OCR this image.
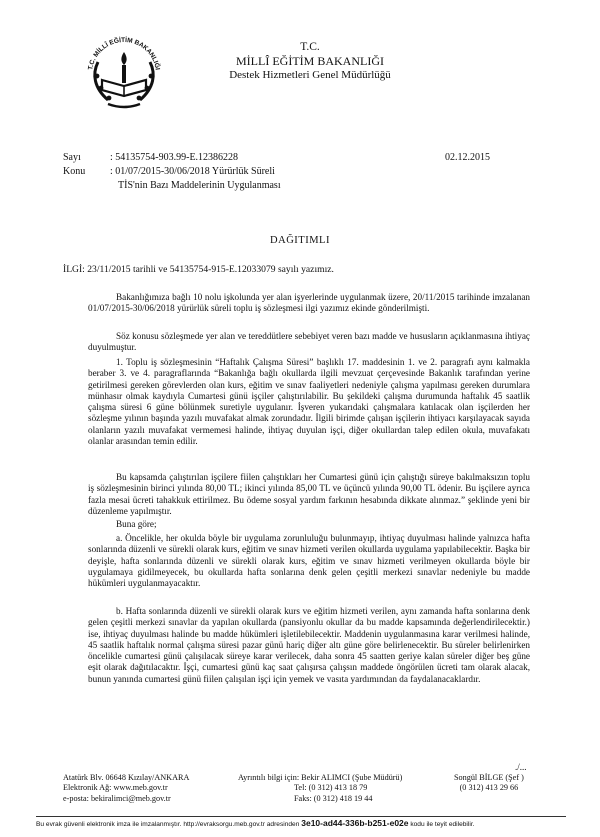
T.C. MİLLÎ EĞİTİM BAKANLIĞI
T.C.
MİLLÎ EĞİTİM BAKANLIĞI
Destek Hizmetleri Genel Müdürlüğü
Sayı	: 54135754-903.99-E.12386228	02.12.2015
Konu : 01/07/2015-30/06/2018 Yürürlük Süreli
TİS'nin Bazı Maddelerinin Uygulanması
DAĞITIMLI
İLGİ: 23/11/2015 tarihli ve 54135754-915-E.12033079 sayılı yazımız.

Bakanlığımıza bağlı 10 nolu işkolunda yer alan işyerlerinde uygulanmak üzere, 20/11/2015 tarihinde imzalanan 01/07/2015-30/06/2018 yürürlük süreli toplu iş sözleşmesi ilgi yazımız ekinde gönderilmişti.

Söz konusu sözleşmede yer alan ve tereddütlere sebebiyet veren bazı madde ve hususların açıklanmasına ihtiyaç duyulmuştur.

1. Toplu iş sözleşmesinin “Haftalık Çalışma Süresi” başlıklı 17. maddesinin 1. ve 2. paragrafı aynı kalmakla beraber 3. ve 4. paragraflarında “Bakanlığa bağlı okullarda ilgili mevzuat çerçevesinde Bakanlık tarafından yerine getirilmesi gereken görevlerden olan kurs, eğitim ve sınav faaliyetleri nedeniyle çalışma yapılması gereken durumlara münhasır olmak kaydıyla Cumartesi günü işçiler çalıştırılabilir. Bu şekildeki çalışma durumunda haftalık 45 saatlik çalışma süresi 6 güne bölünmek suretiyle uygulanır. İşveren yukarıdaki çalışmalara katılacak olan işçilerden her sözleşme yılının başında yazılı muvafakat almak zorundadır. İlgili birimde çalışan işçilerin ihtiyacı karşılayacak sayıda olanların yazılı muvafakat vermemesi halinde, ihtiyaç duyulan işçi, diğer okullardan talep edilen okula, muvafakatı olanlar arasından temin edilir.

Bu kapsamda çalıştırılan işçilere fiilen çalıştıkları her Cumartesi günü için çalıştığı süreye bakılmaksızın toplu iş sözleşmesinin birinci yılında 80,00 TL; ikinci yılında 85,00 TL ve üçüncü yılında 90,00 TL ödenir. Bu işçilere ayrıca fazla mesai ücreti tahakkuk ettirilmez. Bu ödeme sosyal yardım farkının hesabında dikkate alınmaz.” şeklinde yeni bir düzenleme yapılmıştır.

Buna göre;

a. Öncelikle, her okulda böyle bir uygulama zorunluluğu bulunmayıp, ihtiyaç duyulması halinde yalnızca hafta sonlarında düzenli ve sürekli olarak kurs, eğitim ve sınav hizmeti verilen okullarda uygulama yapılabilecektir. Başka bir deyişle, hafta sonlarında düzenli ve sürekli olarak kurs, eğitim ve sınav hizmeti verilmeyen okullarda böyle bir uygulamaya gidilmeyecek, bu okullarda hafta sonlarına denk gelen çeşitli merkezi sınavlar nedeniyle bu madde hükümleri uygulanmayacaktır.

b. Hafta sonlarında düzenli ve sürekli olarak kurs ve eğitim hizmeti verilen, aynı zamanda hafta sonlarına denk gelen çeşitli merkezi sınavlar da yapılan okullarda (pansiyonlu okullar da bu madde kapsamında değerlendirilecektir.) ise, ihtiyaç duyulması halinde bu madde hükümleri işletilebilecektir. Maddenin uygulanmasına karar verilmesi halinde, 45 saatlik haftalık normal çalışma süresi pazar günü hariç diğer altı güne göre belirlenecektir. Bu süreler belirlenirken öncelikle cumartesi günü çalışılacak süreye karar verilecek, daha sonra 45 saatten geriye kalan süreler diğer beş güne eşit olarak dağıtılacaktır. İşçi, cumartesi günü kaç saat çalışırsa çalışsın maddede öngörülen ücreti tam olarak alacak, bunun yanında cumartesi günü fiilen çalışılan işçi için yemek ve vasıta yardımından da faydalanacaklardır.

./...
Atatürk Blv. 06648 Kızılay/ANKARA
Elektronik Ağ: www.meb.gov.tr
e-posta: bekiralimci@meb.gov.tr
Ayrıntılı bilgi için: Bekir ALIMCI (Şube Müdürü)
Tel: (0 312) 413 18 79
Faks: (0 312) 418 19 44
Songül BİLGE (Şef )
(0 312) 413 29 66
Bu evrak güvenli elektronik imza ile imzalanmıştır. http://evraksorgu.meb.gov.tr adresinden 3e10-ad44-336b-b251-e02e kodu ile teyit edilebilir.
